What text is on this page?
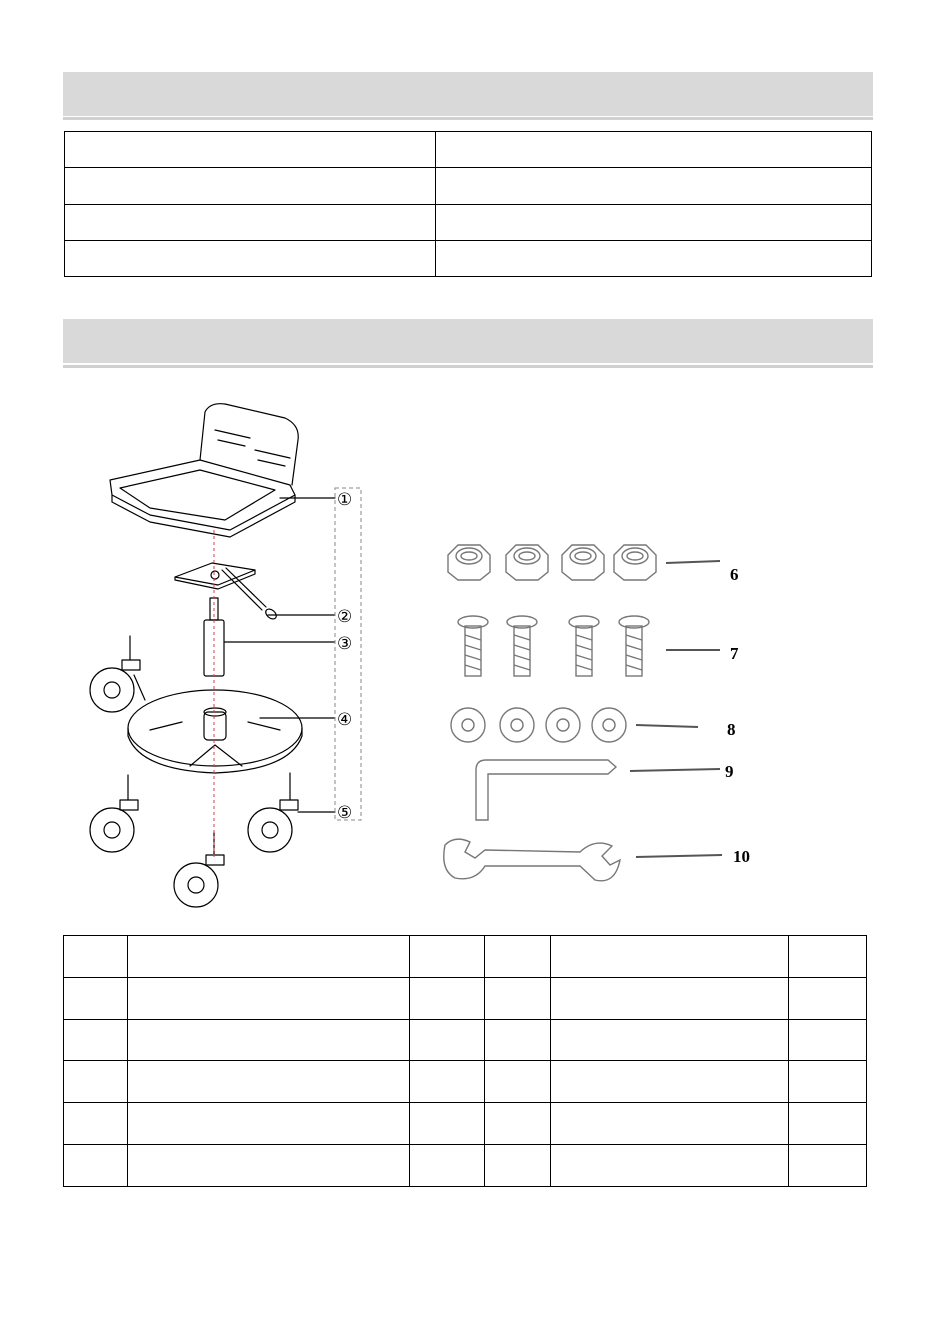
①
②
③
④
⑤
6
7
8
9
10
